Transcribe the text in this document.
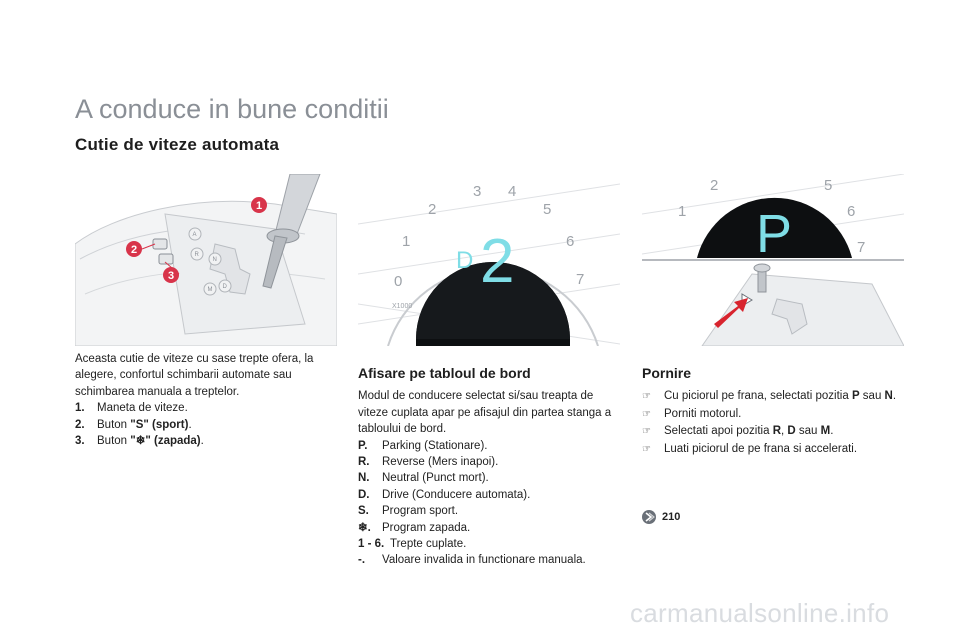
A conduce in bune conditii
Cutie de viteze automata
A
R
N
D
M
1
2
3	0
1
2
3 4
5
6
7
X1000
D 2
1
2	5
6
7
P
Aceasta cutie de viteze cu sase trepte ofera, la alegere, confortul schimbarii automate sau schimbarea manuala a treptelor.
1.	Maneta de viteze.
2.	Buton "S" (sport).
3.	Buton "❄" (zapada).
Afisare pe tabloul de bord
Modul de conducere selectat si/sau treapta de viteze cuplata apar pe afisajul din partea stanga a tabloului de bord.
P.	Parking (Stationare).
R.	Reverse (Mers inapoi).
N.	Neutral (Punct mort).
D.	Drive (Conducere automata).
S.	Program sport.
❄. Program zapada.
1 - 6. Trepte cuplate.
-.	Valoare invalida in functionare manuala.
Pornire
☞	Cu piciorul pe frana, selectati pozitia P sau N.
☞	Porniti motorul.
☞	Selectati apoi pozitia R, D sau M.
☞	Luati piciorul de pe frana si accelerati.
210
carmanualsonline.info
